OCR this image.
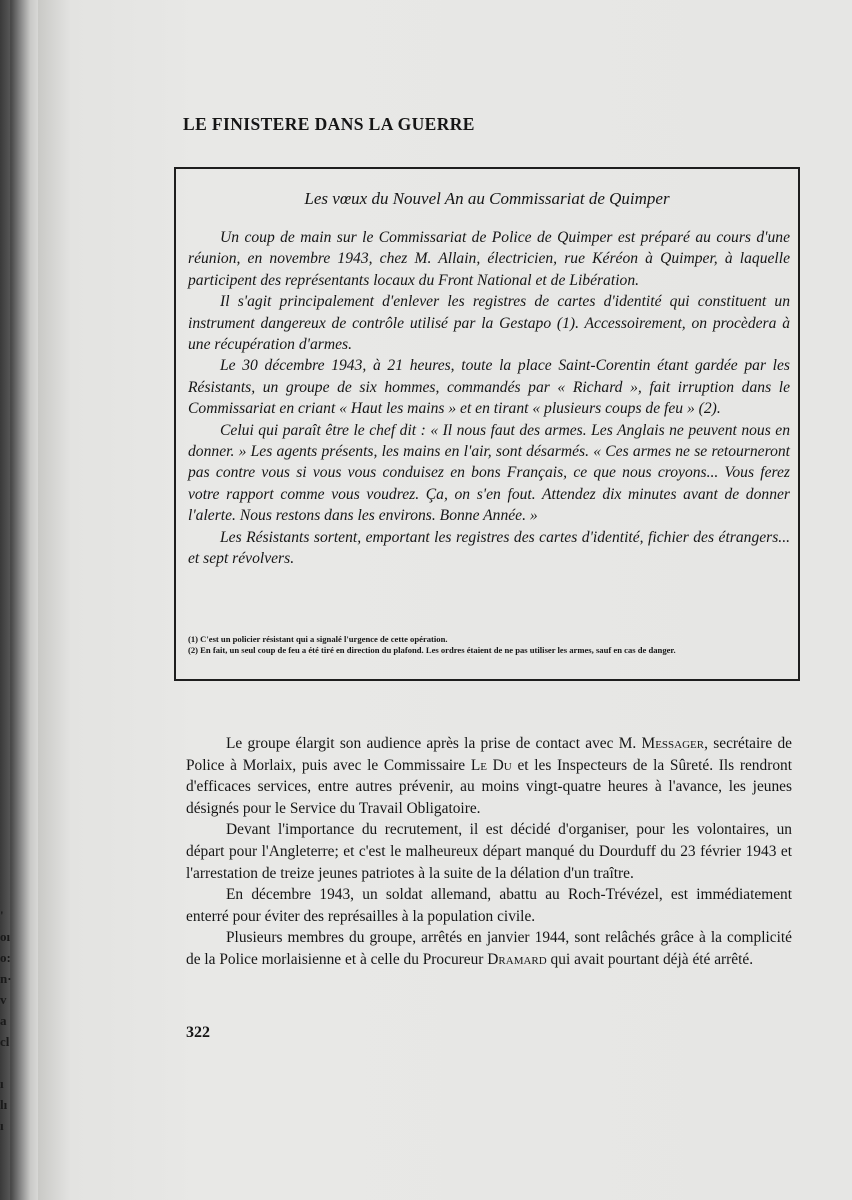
'
oı
o:
n·
v
a
cl
ı
lı
ı
LE FINISTERE DANS LA GUERRE
Les vœux du Nouvel An au Commissariat de Quimper

Un coup de main sur le Commissariat de Police de Quimper est préparé au cours d'une réunion, en novembre 1943, chez M. Allain, électricien, rue Kéréon à Quimper, à laquelle participent des représentants locaux du Front National et de Libération.

Il s'agit principalement d'enlever les registres de cartes d'identité qui constituent un instrument dangereux de contrôle utilisé par la Gestapo (1). Accessoirement, on procèdera à une récupération d'armes.

Le 30 décembre 1943, à 21 heures, toute la place Saint-Corentin étant gardée par les Résistants, un groupe de six hommes, commandés par « Richard », fait irruption dans le Commissariat en criant « Haut les mains » et en tirant « plusieurs coups de feu » (2).

Celui qui paraît être le chef dit : « Il nous faut des armes. Les Anglais ne peuvent nous en donner. » Les agents présents, les mains en l'air, sont désarmés. « Ces armes ne se retourneront pas contre vous si vous vous conduisez en bons Français, ce que nous croyons... Vous ferez votre rapport comme vous voudrez. Ça, on s'en fout. Attendez dix minutes avant de donner l'alerte. Nous restons dans les environs. Bonne Année. »

Les Résistants sortent, emportant les registres des cartes d'identité, fichier des étrangers... et sept révolvers.

(1) C'est un policier résistant qui a signalé l'urgence de cette opération.
(2) En fait, un seul coup de feu a été tiré en direction du plafond. Les ordres étaient de ne pas utiliser les armes, sauf en cas de danger.

Le groupe élargit son audience après la prise de contact avec M. Messager, secrétaire de Police à Morlaix, puis avec le Commissaire Le Du et les Inspecteurs de la Sûreté. Ils rendront d'efficaces services, entre autres prévenir, au moins vingt-quatre heures à l'avance, les jeunes désignés pour le Service du Travail Obligatoire.

Devant l'importance du recrutement, il est décidé d'organiser, pour les volontaires, un départ pour l'Angleterre; et c'est le malheureux départ manqué du Dourduff du 23 février 1943 et l'arrestation de treize jeunes patriotes à la suite de la délation d'un traître.

En décembre 1943, un soldat allemand, abattu au Roch-Trévézel, est immédiatement enterré pour éviter des représailles à la population civile.

Plusieurs membres du groupe, arrêtés en janvier 1944, sont relâchés grâce à la complicité de la Police morlaisienne et à celle du Procureur Dramard qui avait pourtant déjà été arrêté.

322
